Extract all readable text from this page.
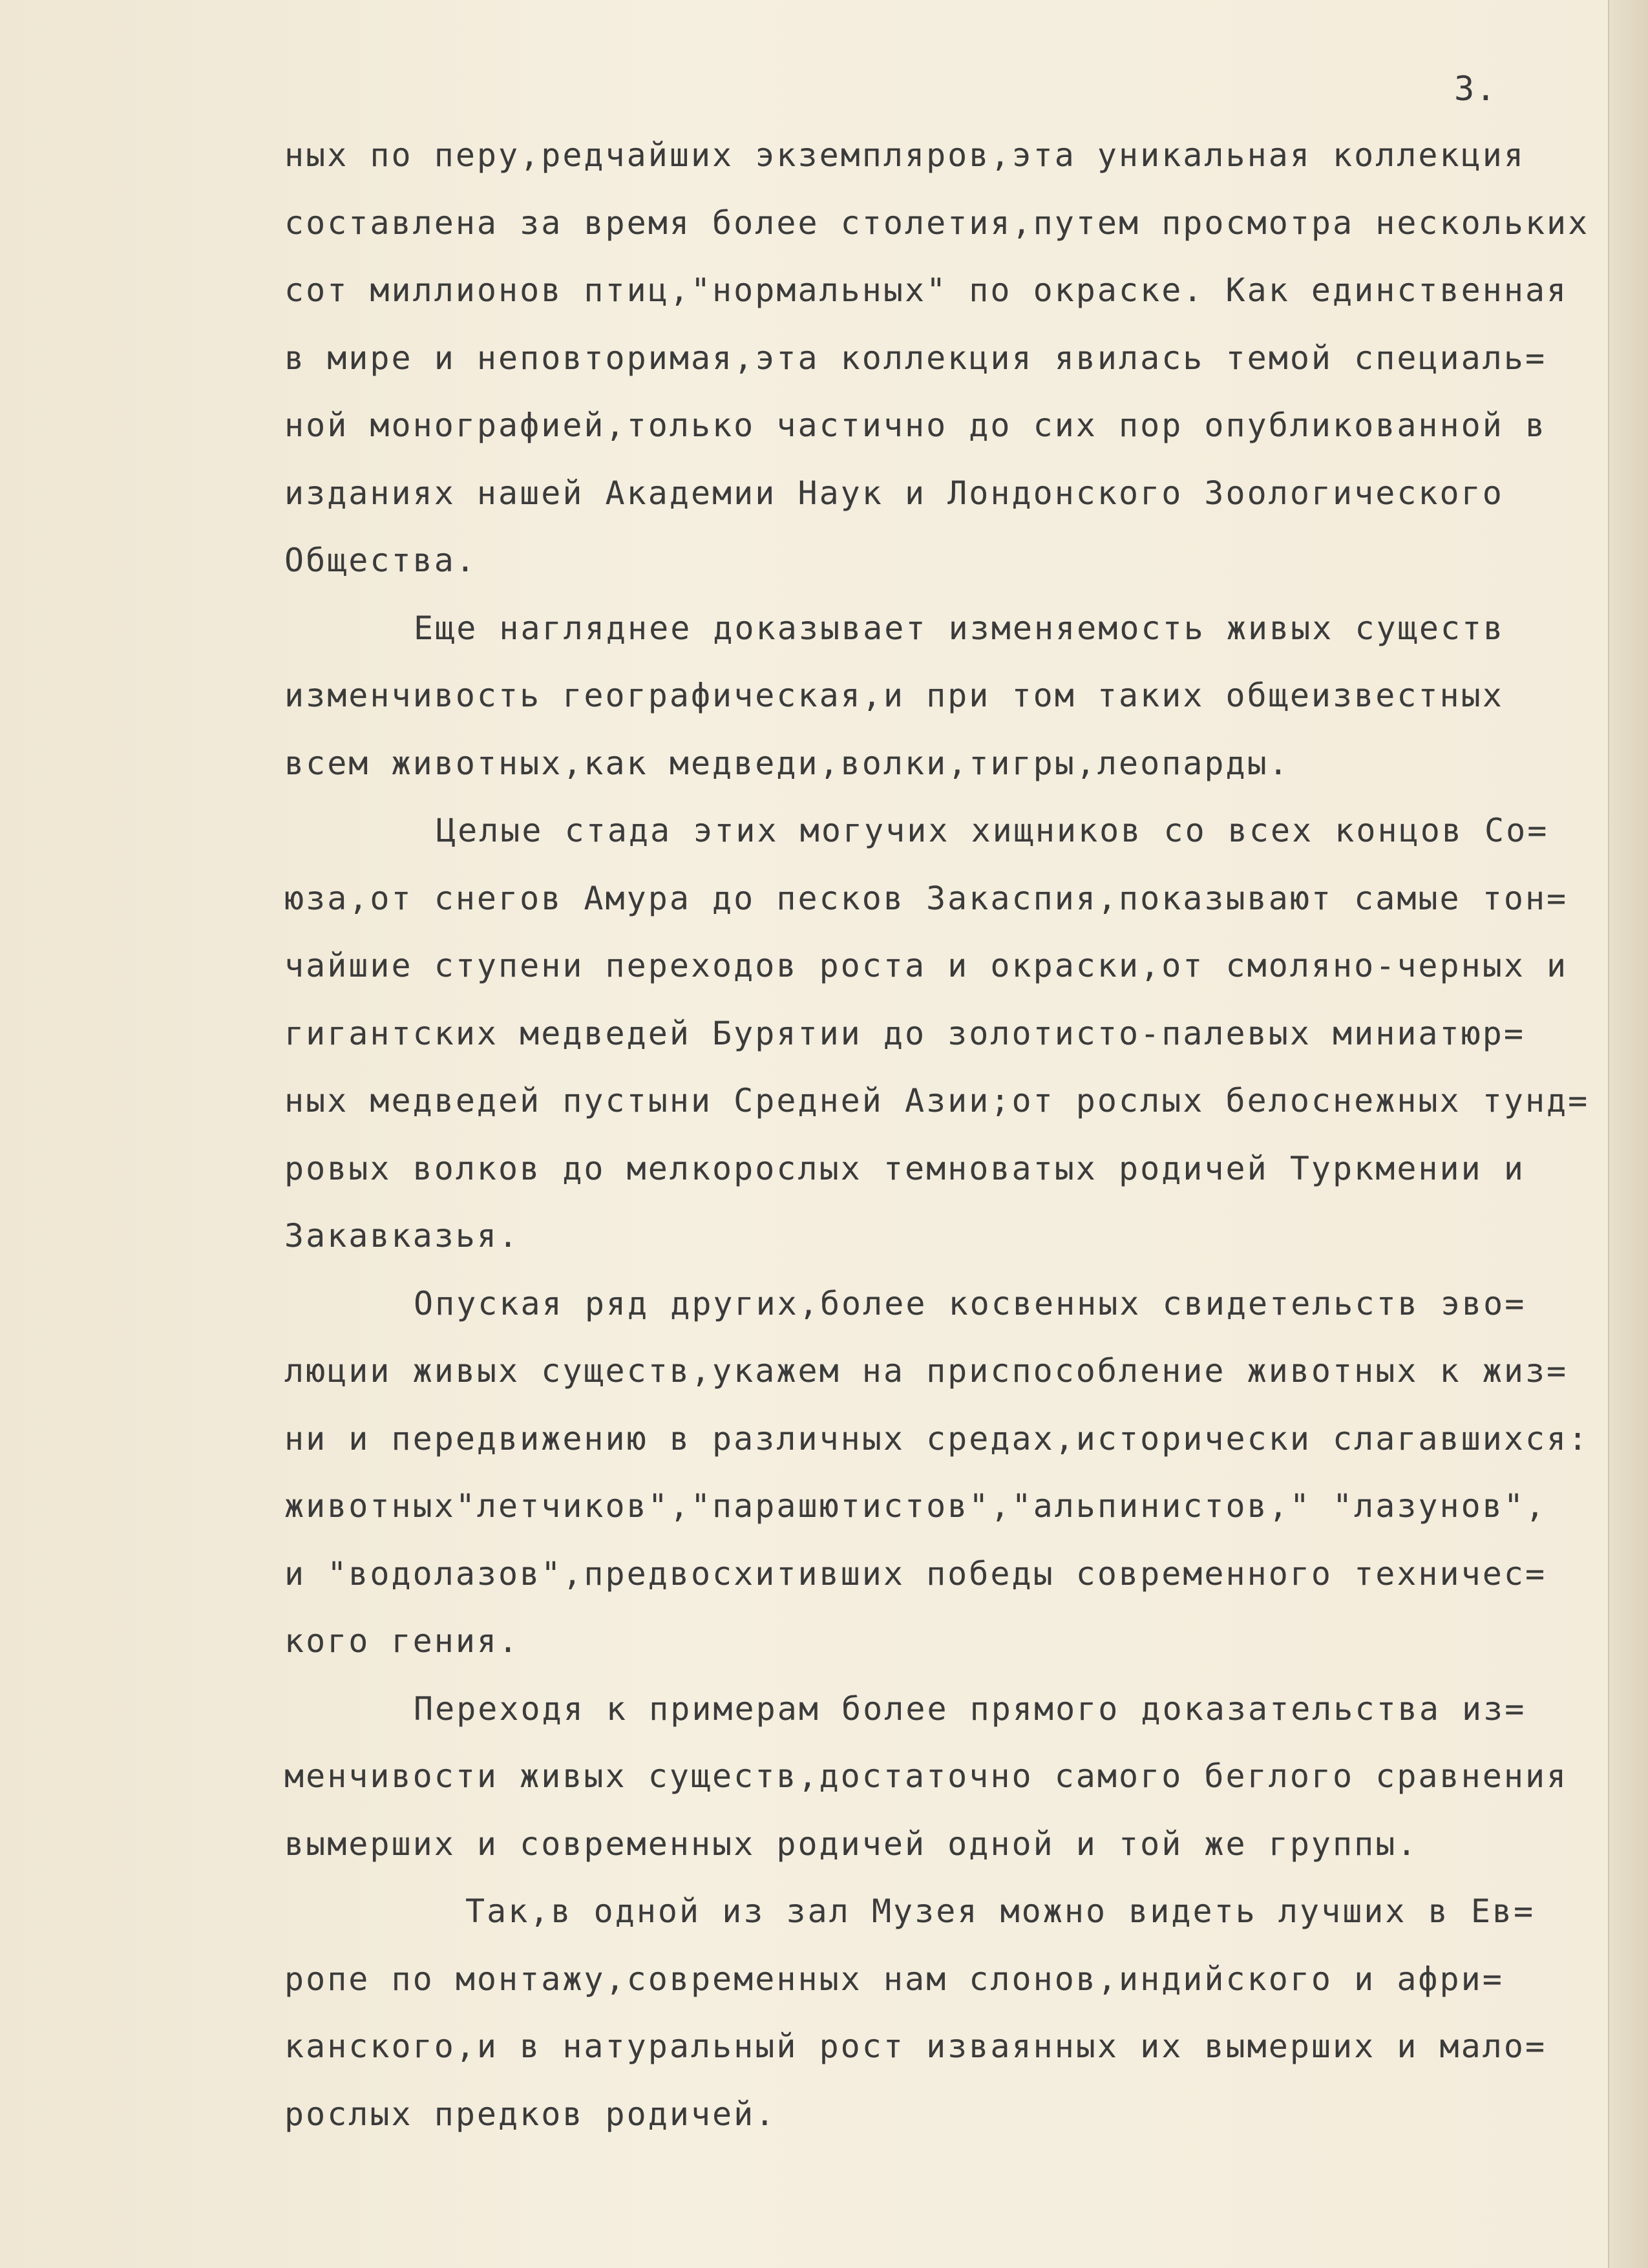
3.
ных по перу,редчайших экземпляров,эта уникальная коллекция
составлена за время более столетия,путем просмотра нескольких
сот миллионов птиц,"нормальных" по окраске. Как единственная
в мире и неповторимая,эта коллекция явилась темой специаль=
ной монографией,только частично до сих пор опубликованной в
изданиях нашей Академии Наук и Лондонского Зоологического
Общества.
Еще нагляднее доказывает изменяемость живых существ
изменчивость географическая,и при том таких общеизвестных
всем животных,как медведи,волки,тигры,леопарды.
Целые стада этих могучих хищников со всех концов Со=
юза,от снегов Амура до песков Закаспия,показывают самые тон=
чайшие ступени переходов роста и окраски,от смоляно-черных и
гигантских медведей Бурятии до золотисто-палевых миниатюр=
ных медведей пустыни Средней Азии;от рослых белоснежных тунд=
ровых волков до мелкорослых темноватых родичей Туркмении и
Закавказья.
Опуская ряд других,более косвенных свидетельств эво=
люции живых существ,укажем на приспособление животных к жиз=
ни и передвижению в различных средах,исторически слагавшихся:
животных"летчиков","парашютистов","альпинистов," "лазунов",
и "водолазов",предвосхитивших победы современного техничес=
кого гения.
Переходя к примерам более прямого доказательства из=
менчивости живых существ,достаточно самого беглого сравнения
вымерших и современных родичей одной и той же группы.
Так,в одной из зал Музея можно видеть лучших в Ев=
ропе по монтажу,современных нам слонов,индийского и афри=
канского,и в натуральный рост изваянных их вымерших и мало=
рослых предков родичей.
